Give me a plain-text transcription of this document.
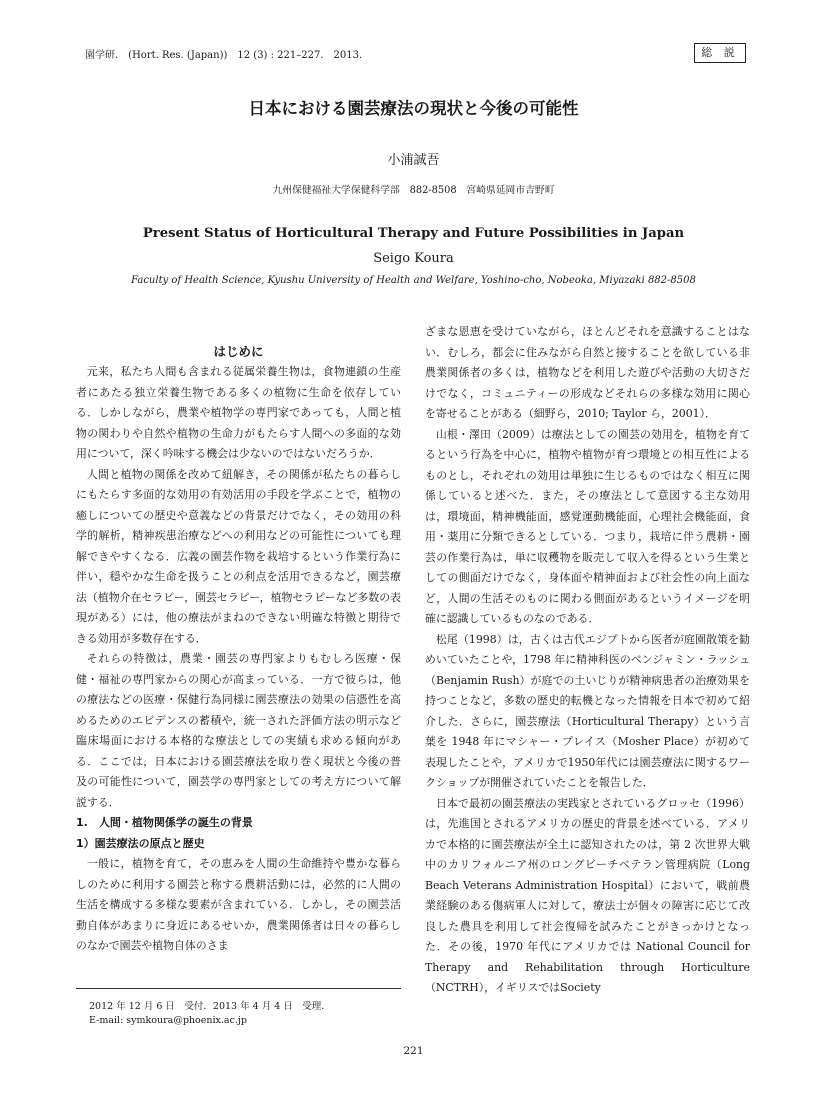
園学研.　(Hort. Res. (Japan))　12 (3) : 221–227.　2013.	総 説
日本における園芸療法の現状と今後の可能性
小浦誠吾
九州保健福祉大学保健科学部　882-8508　宮崎県延岡市吉野町
Present Status of Horticultural Therapy and Future Possibilities in Japan
Seigo Koura
Faculty of Health Science, Kyushu University of Health and Welfare, Yoshino-cho, Nobeoka, Miyazaki 882-8508
はじめに

元来，私たち人間も含まれる従属栄養生物は，食物連鎖の生産者にあたる独立栄養生物である多くの植物に生命を依存している．しかしながら，農業や植物学の専門家であっても，人間と植物の関わりや自然や植物の生命力がもたらす人間への多面的な効用について，深く吟味する機会は少ないのではないだろうか．

人間と植物の関係を改めて紐解き，その関係が私たちの暮らしにもたらす多面的な効用の有効活用の手段を学ぶことで，植物の癒しについての歴史や意義などの背景だけでなく，その効用の科学的解析，精神疾患治療などへの利用などの可能性についても理解できやすくなる．広義の園芸作物を栽培するという作業行為に伴い，穏やかな生命を扱うことの利点を活用できるなど，園芸療法（植物介在セラピー，園芸セラピー，植物セラピーなど多数の表現がある）には，他の療法がまねのできない明確な特徴と期待できる効用が多数存在する．

それらの特徴は，農業・園芸の専門家よりもむしろ医療・保健・福祉の専門家からの関心が高まっている．一方で彼らは，他の療法などの医療・保健行為同様に園芸療法の効果の信憑性を高めるためのエビデンスの蓄積や，統一された評価方法の明示など臨床場面における本格的な療法としての実績も求める傾向がある．ここでは，日本における園芸療法を取り巻く現状と今後の普及の可能性について，園芸学の専門家としての考え方について解説する．

1.　人間・植物関係学の誕生の背景

1）園芸療法の原点と歴史

一般に，植物を育て，その恵みを人間の生命維持や豊かな暮らしのために利用する園芸と称する農耕活動には，必然的に人間の生活を構成する多様な要素が含まれている．しかし，その園芸活動自体があまりに身近にあるせいか，農業関係者は日々の暮らしのなかで園芸や植物自体のさま

ざまな恩恵を受けていながら，ほとんどそれを意識することはない．むしろ，都会に住みながら自然と接することを欲している非農業関係者の多くは，植物などを利用した遊びや活動の大切さだけでなく，コミュニティーの形成などそれらの多様な効用に関心を寄せることがある（細野ら，2010; Taylor ら，2001）．

山根・澤田（2009）は療法としての園芸の効用を，植物を育てるという行為を中心に，植物や植物が育つ環境との相互性によるものとし，それぞれの効用は単独に生じるものではなく相互に関係していると述べた．また，その療法として意図する主な効用は，環境面，精神機能面，感覚運動機能面，心理社会機能面，食用・薬用に分類できるとしている．つまり，栽培に伴う農耕・園芸の作業行為は，単に収穫物を販売して収入を得るという生業としての側面だけでなく，身体面や精神面および社会性の向上面など，人間の生活そのものに関わる側面があるというイメージを明確に認識しているものなのである．

松尾（1998）は，古くは古代エジプトから医者が庭園散策を勧めいていたことや，1798 年に精神科医のベンジャミン・ラッシュ（Benjamin Rush）が庭での土いじりが精神病患者の治療効果を持つことなど，多数の歴史的転機となった情報を日本で初めて紹介した．さらに，園芸療法（Horticultural Therapy）という言葉を 1948 年にマシャー・プレイス（Mosher Place）が初めて表現したことや，アメリカで1950年代には園芸療法に関するワークショップが開催されていたことを報告した．

日本で最初の園芸療法の実践家とされているグロッセ（1996）は，先進国とされるアメリカの歴史的背景を述べている．アメリカで本格的に園芸療法が全土に認知されたのは，第 2 次世界大戦中のカリフォルニア州のロングビーチベテラン管理病院（Long Beach Veterans Administration Hospital）において，戦前農業経験のある傷病軍人に対して，療法士が個々の障害に応じて改良した農具を利用して社会復帰を試みたことがきっかけとなった．その後，1970 年代にアメリカでは National Council for Therapy and Rehabilitation through Horticulture（NCTRH），イギリスではSociety

2012 年 12 月 6 日　受付．2013 年 4 月 4 日　受理．
E-mail: symkoura@phoenix.ac.jp
221
